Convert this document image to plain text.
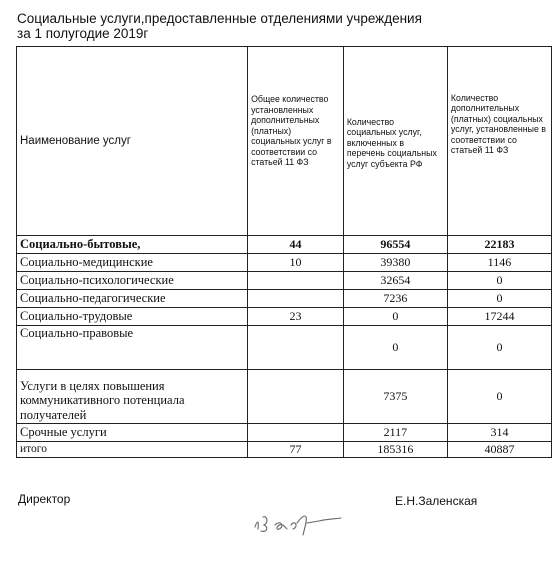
Социальные услуги,предоставленные отделениями учреждения
за 1 полугодие 2019г
Наименование услуг	Общее количество установленных дополнительных (платных) социальных услуг в соответствии со статьей 11 ФЗ	Количество социальных услуг, включенных в перечень социальных услуг субъекта РФ	Количество дополнительных (платных) социальных услуг, установленные в соответствии со статьей 11 ФЗ

Социально-бытовые,	44	96554	22183
Социально-медицинские	10	39380	1146
Социально-психологические		32654	0
Социально-педагогические		7236	0
Социально-трудовые	23	0	17244
Социально-правовые		0	0
Услуги в целях повышения коммуникативного потенциала получателей		7375	0
Срочные услуги		2117	314
итого	77	185316	40887
Директор	Е.Н.Заленская
